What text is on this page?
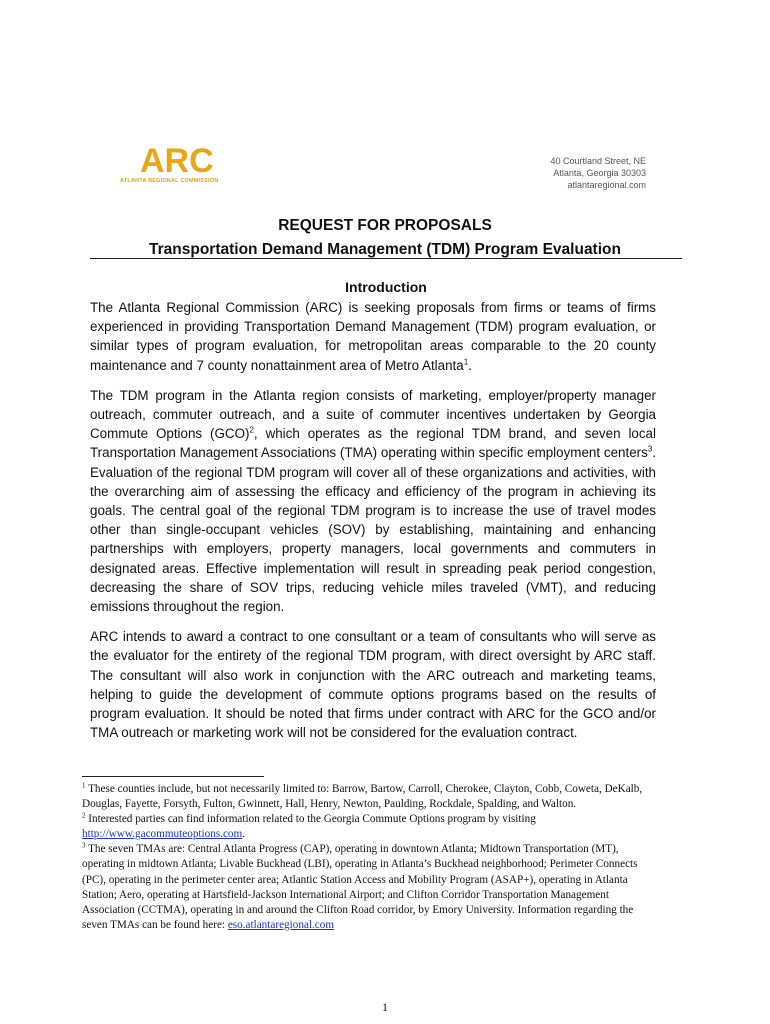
ARC
ATLANTA REGIONAL COMMISSION
40 Courtland Street, NE
Atlanta, Georgia 30303
atlantaregional.com
REQUEST FOR PROPOSALS
Transportation Demand Management (TDM) Program Evaluation
Introduction

The Atlanta Regional Commission (ARC) is seeking proposals from firms or teams of firms experienced in providing Transportation Demand Management (TDM) program evaluation, or similar types of program evaluation, for metropolitan areas comparable to the 20 county maintenance and 7 county nonattainment area of Metro Atlanta$^1$.

The TDM program in the Atlanta region consists of marketing, employer/property manager outreach, commuter outreach, and a suite of commuter incentives undertaken by Georgia Commute Options (GCO)$^2$, which operates as the regional TDM brand, and seven local Transportation Management Associations (TMA) operating within specific employment centers$^3$. Evaluation of the regional TDM program will cover all of these organizations and activities, with the overarching aim of assessing the efficacy and efficiency of the program in achieving its goals. The central goal of the regional TDM program is to increase the use of travel modes other than single-occupant vehicles (SOV) by establishing, maintaining and enhancing partnerships with employers, property managers, local governments and commuters in designated areas. Effective implementation will result in spreading peak period congestion, decreasing the share of SOV trips, reducing vehicle miles traveled (VMT), and reducing emissions throughout the region.

ARC intends to award a contract to one consultant or a team of consultants who will serve as the evaluator for the entirety of the regional TDM program, with direct oversight by ARC staff. The consultant will also work in conjunction with the ARC outreach and marketing teams, helping to guide the development of commute options programs based on the results of program evaluation. It should be noted that firms under contract with ARC for the GCO and/or TMA outreach or marketing work will not be considered for the evaluation contract.

$^1$ These counties include, but not necessarily limited to: Barrow, Bartow, Carroll, Cherokee, Clayton, Cobb, Coweta, DeKalb, Douglas, Fayette, Forsyth, Fulton, Gwinnett, Hall, Henry, Newton, Paulding, Rockdale, Spalding, and Walton.

$^2$ Interested parties can find information related to the Georgia Commute Options program by visiting http://www.gacommuteoptions.com.

$^3$ The seven TMAs are: Central Atlanta Progress (CAP), operating in downtown Atlanta; Midtown Transportation (MT), operating in midtown Atlanta; Livable Buckhead (LBI), operating in Atlanta’s Buckhead neighborhood; Perimeter Connects (PC), operating in the perimeter center area; Atlantic Station Access and Mobility Program (ASAP+), operating in Atlanta Station; Aero, operating at Hartsfield-Jackson International Airport; and Clifton Corridor Transportation Management Association (CCTMA), operating in and around the Clifton Road corridor, by Emory University. Information regarding the seven TMAs can be found here: eso.atlantaregional.com

1
